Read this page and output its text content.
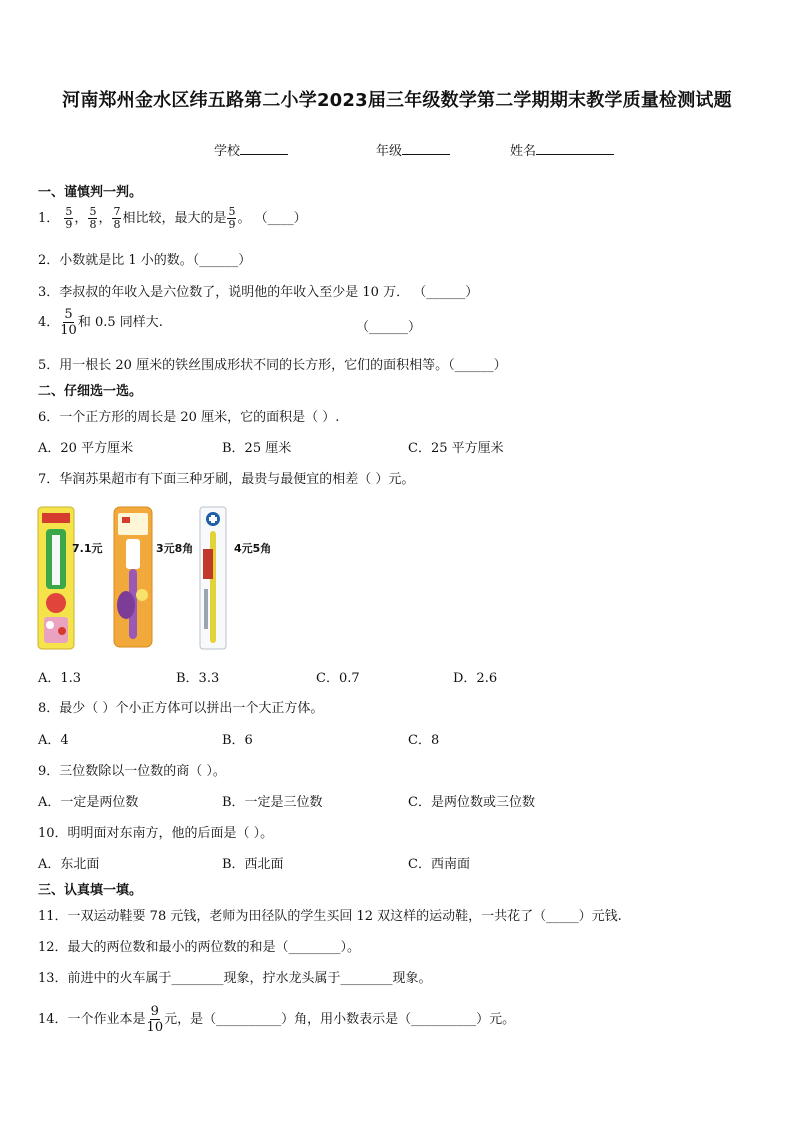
河南郑州金水区纬五路第二小学2023届三年级数学第二学期期末教学质量检测试题
学校	年级	姓名
一、谨慎判一判。
1． $\frac{5}{9}$ ， $\frac{5}{8}$ ， $\frac{7}{8}$ 相比较，最大的是 $\frac{5}{9}$ 。 （____）
2．小数就是比 1 小的数。（______）
3．李叔叔的年收入是六位数了，说明他的年收入至少是 10 万． （______）
4． $\frac{5}{10}$ 和 0.5 同样大.	（______）
5．用一根长 20 厘米的铁丝围成形状不同的长方形，它们的面积相等。（______）
二、仔细选一选。
6．一个正方形的周长是 20 厘米，它的面积是（ ）.
A．20 平方厘米	B．25 厘米	C．25 平方厘米
7．华润苏果超市有下面三种牙刷，最贵与最便宜的相差（ ）元。
7.1元	3元8角	4元5角
A．1.3	B．3.3	C．0.7	D．2.6
8．最少（ ）个小正方体可以拼出一个大正方体。
A．4	B．6	C．8
9．三位数除以一位数的商（ ）。
A．一定是两位数	B．一定是三位数	C．是两位数或三位数
10．明明面对东南方，他的后面是（ ）。
A．东北面	B．西北面	C．西南面
三、认真填一填。
11．一双运动鞋要 78 元钱，老师为田径队的学生买回 12 双这样的运动鞋，一共花了（_____）元钱.
12．最大的两位数和最小的两位数的和是（________）。
13．前进中的火车属于________现象，拧水龙头属于________现象。
14．一个作业本是 $\frac{9}{10}$ 元，是（__________）角，用小数表示是（__________）元。
